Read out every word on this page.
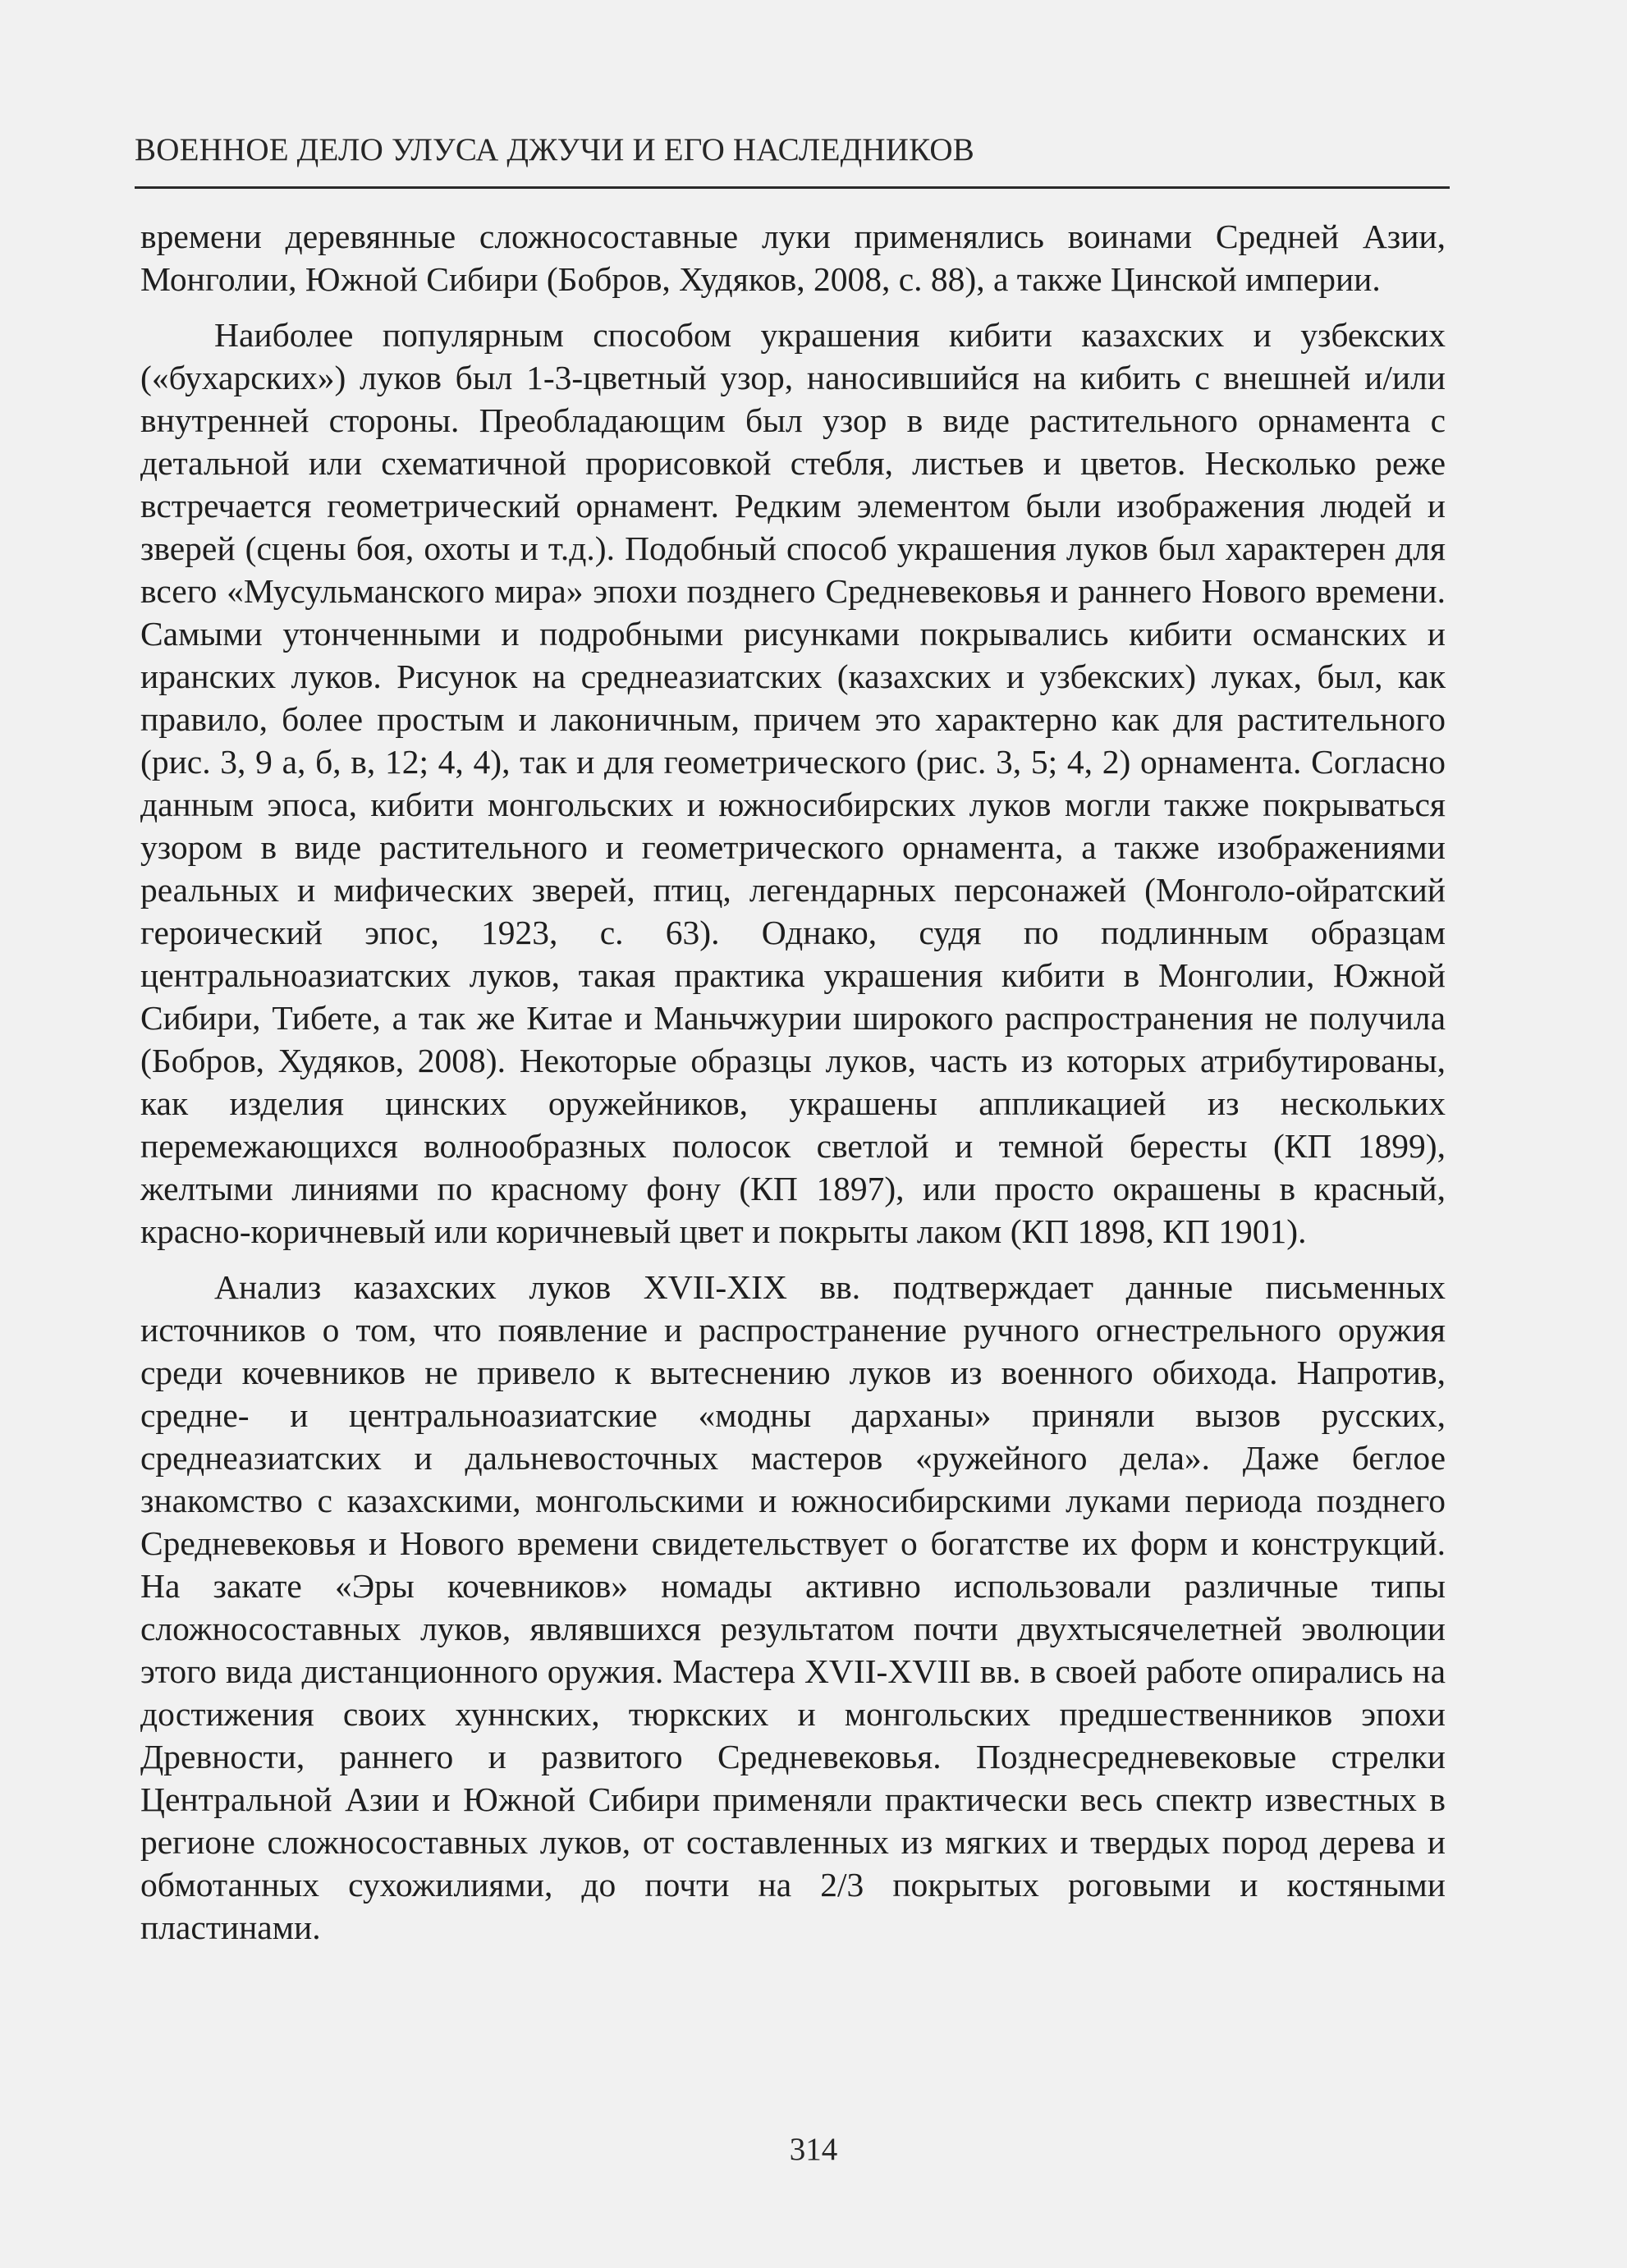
ВОЕННОЕ ДЕЛО УЛУСА ДЖУЧИ И ЕГО НАСЛЕДНИКОВ

времени деревянные сложносоставные луки применялись воинами Средней Азии, Монголии, Южной Сибири (Бобров, Худяков, 2008, с. 88), а также Цинской империи.

Наиболее популярным способом украшения кибити казахских и узбекских («бухарских») луков был 1-3-цветный узор, наносившийся на кибить с внешней и/или внутренней стороны. Преобладающим был узор в виде растительного орнамента с детальной или схематичной прорисовкой стебля, листьев и цветов. Несколько реже встречается геометрический орнамент. Редким элементом были изображения людей и зверей (сцены боя, охоты и т.д.). Подобный способ украшения луков был характерен для всего «Мусульманского мира» эпохи позднего Средневековья и раннего Нового времени. Самыми утонченными и подробными рисунками покрывались кибити османских и иранских луков. Рисунок на среднеазиатских (казахских и узбекских) луках, был, как правило, более простым и лаконичным, причем это характерно как для растительного (рис. 3, 9 а, б, в, 12; 4, 4), так и для геометрического (рис. 3, 5; 4, 2) орнамента. Согласно данным эпоса, кибити монгольских и южносибирских луков могли также покрываться узором в виде растительного и геометрического орнамента, а также изображениями реальных и мифических зверей, птиц, легендарных персонажей (Монголо-ойратский героический эпос, 1923, с. 63). Однако, судя по подлинным образцам центральноазиатских луков, такая практика украшения кибити в Монголии, Южной Сибири, Тибете, а так же Китае и Маньчжурии широкого распространения не получила (Бобров, Худяков, 2008). Некоторые образцы луков, часть из которых атрибутированы, как изделия цинских оружейников, украшены аппликацией из нескольких перемежающихся волнообразных полосок светлой и темной бересты (КП 1899), желтыми линиями по красному фону (КП 1897), или просто окрашены в красный, красно-коричневый или коричневый цвет и покрыты лаком (КП 1898, КП 1901).

Анализ казахских луков XVII-XIX вв. подтверждает данные письменных источников о том, что появление и распространение ручного огнестрельного оружия среди кочевников не привело к вытеснению луков из военного обихода. Напротив, средне- и центральноазиатские «модны дарханы» приняли вызов русских, среднеазиатских и дальневосточных мастеров «ружейного дела». Даже беглое знакомство с казахскими, монгольскими и южносибирскими луками периода позднего Средневековья и Нового времени свидетельствует о богатстве их форм и конструкций. На закате «Эры кочевников» номады активно использовали различные типы сложносоставных луков, являвшихся результатом почти двухтысячелетней эволюции этого вида дистанционного оружия. Мастера XVII-XVIII вв. в своей работе опирались на достижения своих хуннских, тюркских и монгольских предшественников эпохи Древности, раннего и развитого Средневековья. Позднесредневековые стрелки Центральной Азии и Южной Сибири применяли практически весь спектр известных в регионе сложносоставных луков, от составленных из мягких и твердых пород дерева и обмотанных сухожилиями, до почти на 2/3 покрытых роговыми и костяными пластинами.

314
